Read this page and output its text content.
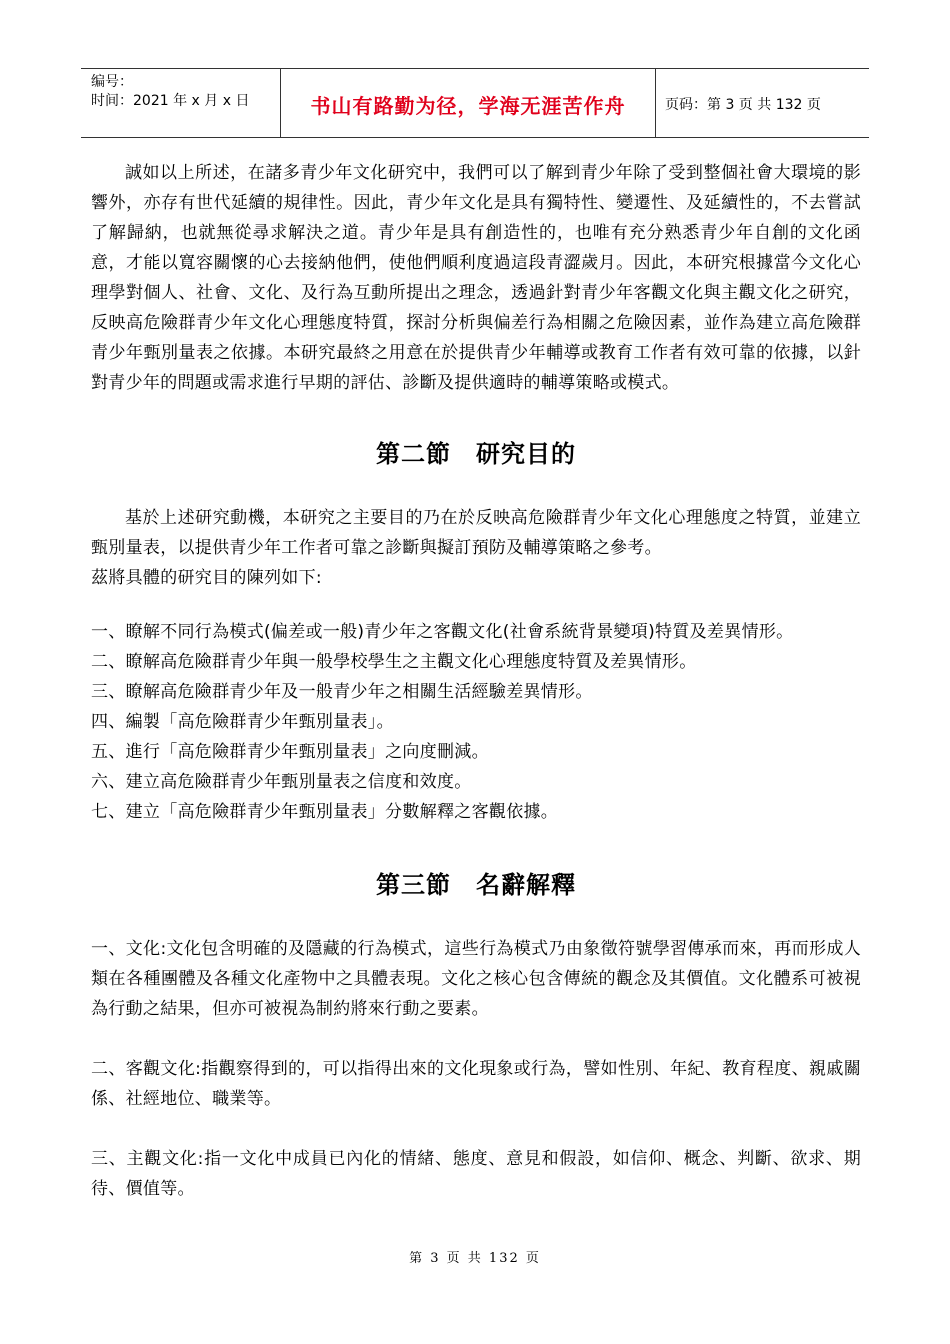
编号：
时间：2021 年 x 月 x 日	书山有路勤为径，学海无涯苦作舟	页码：第 3 页 共 132 页

誠如以上所述，在諸多青少年文化研究中，我們可以了解到青少年除了受到整個社會大環境的影響外，亦存有世代延續的規律性。因此，青少年文化是具有獨特性、變遷性、及延續性的，不去嘗試了解歸納，也就無從尋求解決之道。青少年是具有創造性的，也唯有充分熟悉青少年自創的文化函意，才能以寬容關懷的心去接納他們，使他們順利度過這段青澀歲月。因此，本研究根據當今文化心理學對個人、社會、文化、及行為互動所提出之理念，透過針對青少年客觀文化與主觀文化之研究，反映高危險群青少年文化心理態度特質，探討分析與偏差行為相關之危險因素，並作為建立高危險群青少年甄別量表之依據。本研究最終之用意在於提供青少年輔導或教育工作者有效可靠的依據，以針對青少年的問題或需求進行早期的評估、診斷及提供適時的輔導策略或模式。

第二節　研究目的

基於上述研究動機，本研究之主要目的乃在於反映高危險群青少年文化心理態度之特質，並建立甄別量表，以提供青少年工作者可靠之診斷與擬訂預防及輔導策略之參考。

茲將具體的研究目的陳列如下:

一、瞭解不同行為模式(偏差或一般)青少年之客觀文化(社會系統背景變項)特質及差異情形。

二、瞭解高危險群青少年與一般學校學生之主觀文化心理態度特質及差異情形。

三、瞭解高危險群青少年及一般青少年之相關生活經驗差異情形。

四、編製「高危險群青少年甄別量表」。

五、進行「高危險群青少年甄別量表」之向度刪減。

六、建立高危險群青少年甄別量表之信度和效度。

七、建立「高危險群青少年甄別量表」分數解釋之客觀依據。

第三節　名辭解釋

一、文化:文化包含明確的及隱藏的行為模式，這些行為模式乃由象徵符號學習傳承而來，再而形成人類在各種團體及各種文化產物中之具體表現。文化之核心包含傳統的觀念及其價值。文化體系可被視為行動之結果，但亦可被視為制約將來行動之要素。

二、客觀文化:指觀察得到的，可以指得出來的文化現象或行為，譬如性別、年紀、教育程度、親戚關係、社經地位、職業等。

三、主觀文化:指一文化中成員已內化的情緒、態度、意見和假設，如信仰、概念、判斷、欲求、期待、價值等。

第 3 页 共 132 页
